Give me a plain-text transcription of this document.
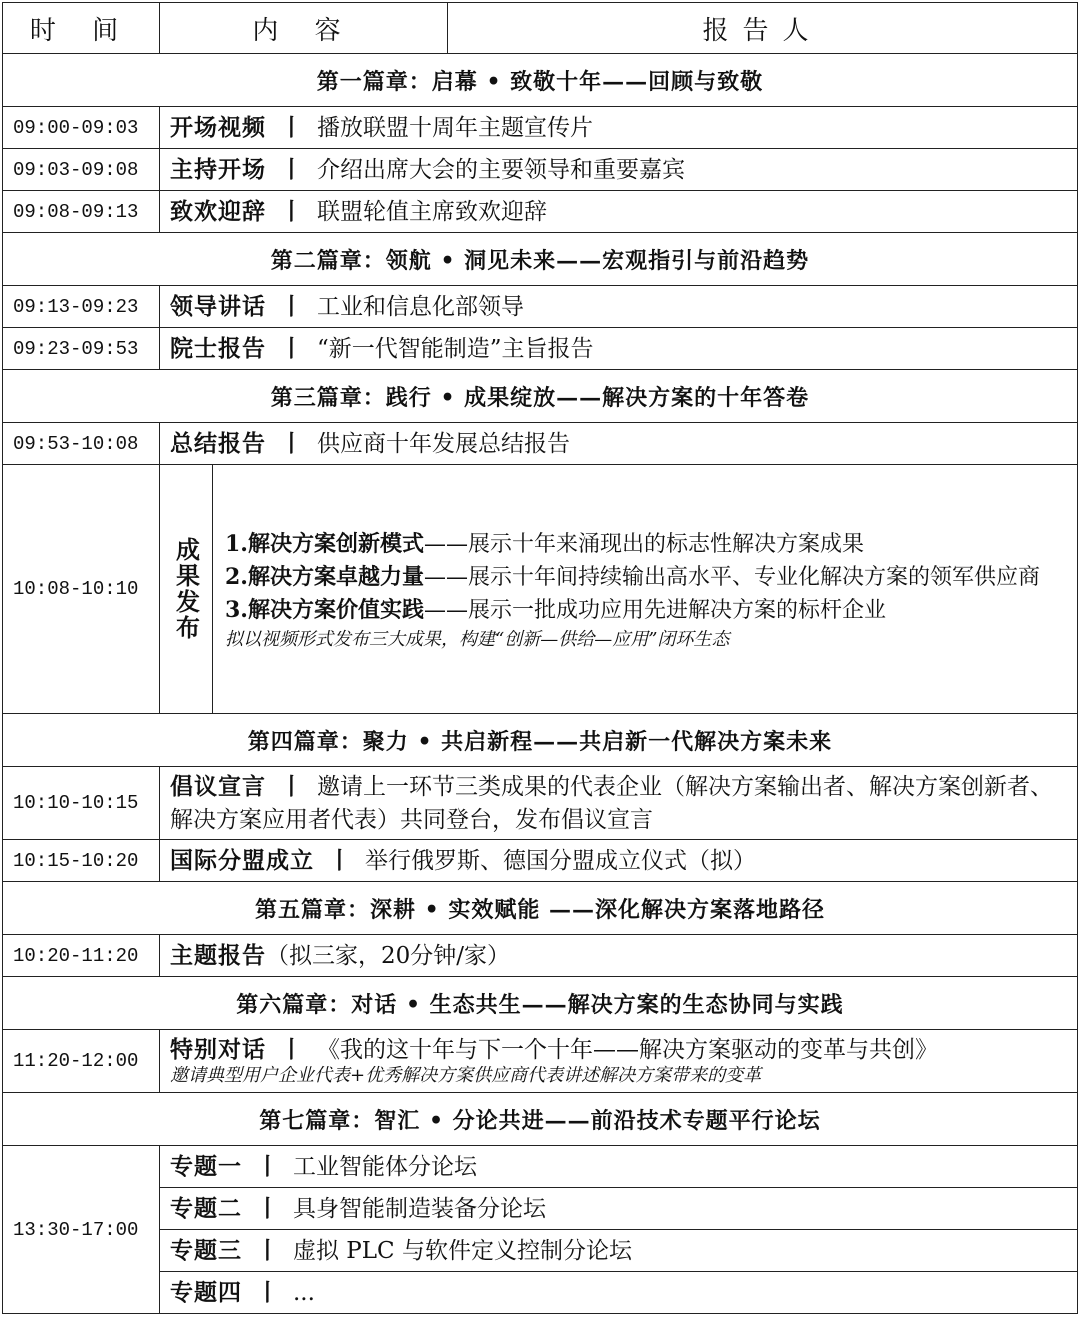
时 间	内 容	报告人
第一篇章：启幕 • 致敬十年——回顾与致敬		
09:00-09:03	开场视频 丨 播放联盟十周年主题宣传片	
09:03-09:08	主持开场 丨 介绍出席大会的主要领导和重要嘉宾	
09:08-09:13	致欢迎辞 丨 联盟轮值主席致欢迎辞	
第二篇章：领航 • 洞见未来——宏观指引与前沿趋势		
09:13-09:23	领导讲话 丨 工业和信息化部领导	
09:23-09:53	院士报告 丨 “新一代智能制造”主旨报告	
第三篇章：践行 • 成果绽放——解决方案的十年答卷		
09:53-10:08	总结报告 丨 供应商十年发展总结报告	
10:08-10:10	成果发布 1.解决方案创新模式——展示十年来涌现出的标志性解决方案成果
2.解决方案卓越力量——展示十年间持续输出高水平、专业化解决方案的领军供应商
3.解决方案价值实践——展示一批成功应用先进解决方案的标杆企业
拟以视频形式发布三大成果，构建“创新—供给—应用”闭环生态	

第四篇章：聚力 • 共启新程——共启新一代解决方案未来		
10:10-10:15	倡议宣言 丨 邀请上一环节三类成果的代表企业（解决方案输出者、解决方案创新者、解决方案应用者代表）共同登台，发布倡议宣言	
10:15-10:20	国际分盟成立 丨 举行俄罗斯、德国分盟成立仪式（拟）	
第五篇章：深耕 • 实效赋能 ——深化解决方案落地路径		
10:20-11:20	主题报告（拟三家，20分钟/家）	
第六篇章：对话 • 生态共生——解决方案的生态协同与实践		
11:20-12:00	特别对话 丨 《我的这十年与下一个十年——解决方案驱动的变革与共创》
邀请典型用户企业代表+优秀解决方案供应商代表讲述解决方案带来的变革	

第七篇章：智汇 • 分论共进——前沿技术专题平行论坛		
13:30-17:00	专题一 丨 工业智能体分论坛	
	专题二 丨 具身智能制造装备分论坛	
	专题三 丨 虚拟 PLC 与软件定义控制分论坛	
	专题四 丨 ...	
